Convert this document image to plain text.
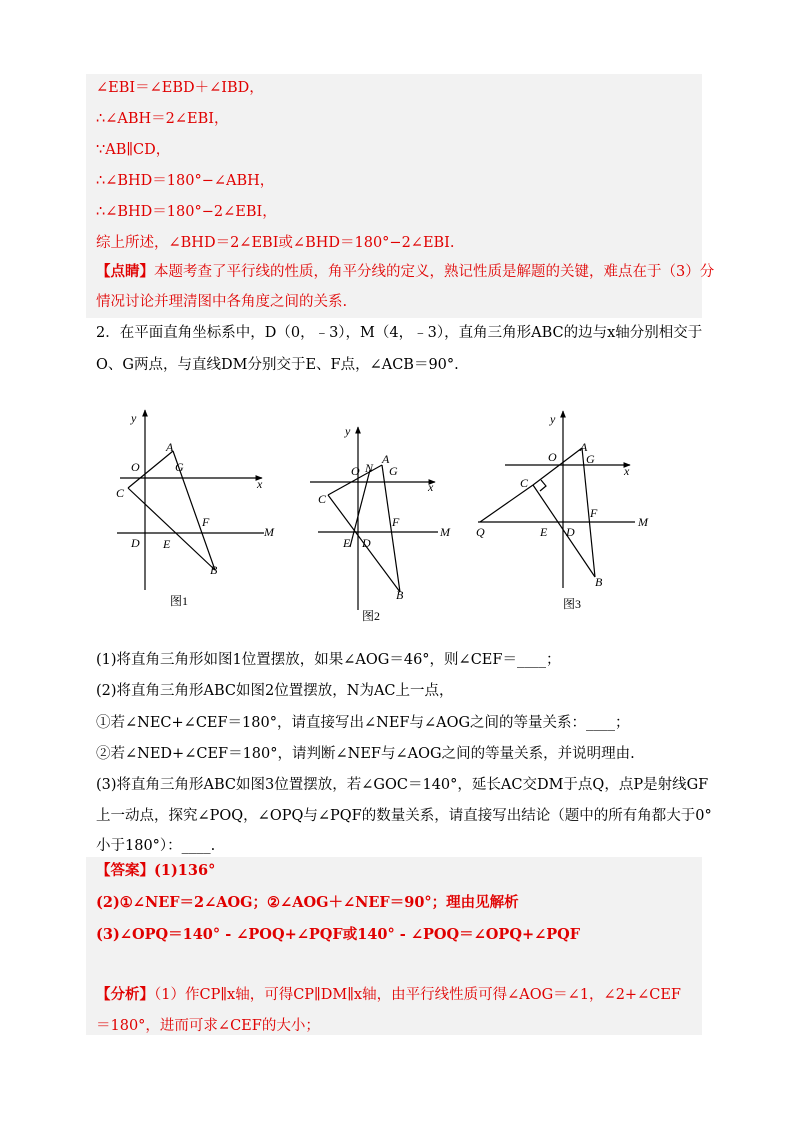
∠EBI＝∠EBD＋∠IBD，
∴∠ABH＝2∠EBI，
∵AB∥CD，
∴∠BHD＝180°−∠ABH，
∴∠BHD＝180°−2∠EBI，
综上所述，∠BHD＝2∠EBI或∠BHD＝180°−2∠EBI.
【点睛】本题考查了平行线的性质，角平分线的定义，熟记性质是解题的关键，难点在于（3）分
情况讨论并理清图中各角度之间的关系.
2．在平面直角坐标系中，D（0，﹣3），M（4，﹣3），直角三角形ABC的边与x轴分别相交于
O、G两点，与直线DM分别交于E、F点，∠ACB＝90°.
y
x
A
O	G
C
F
M
D E
B
y
x
A
O N G
C
F
M
E D
B
y
x
A
O G
C
F
M
Q	E D
B
图1
图2
图3
(1)将直角三角形如图1位置摆放，如果∠AOG＝46°，则∠CEF＝____；
(2)将直角三角形ABC如图2位置摆放，N为AC上一点，
①若∠NEC+∠CEF＝180°，请直接写出∠NEF与∠AOG之间的等量关系：____；
②若∠NED+∠CEF＝180°，请判断∠NEF与∠AOG之间的等量关系，并说明理由.
(3)将直角三角形ABC如图3位置摆放，若∠GOC＝140°，延长AC交DM于点Q，点P是射线GF
上一动点，探究∠POQ，∠OPQ与∠PQF的数量关系，请直接写出结论（题中的所有角都大于0°
小于180°）：____.
【答案】(1)136°
(2)①∠NEF＝2∠AOG；②∠AOG＋∠NEF＝90°；理由见解析
(3)∠OPQ＝140° - ∠POQ+∠PQF或140° - ∠POQ＝∠OPQ+∠PQF
【分析】（1）作CP∥x轴，可得CP∥DM∥x轴，由平行线性质可得∠AOG＝∠1，∠2+∠CEF
＝180°，进而可求∠CEF的大小；
